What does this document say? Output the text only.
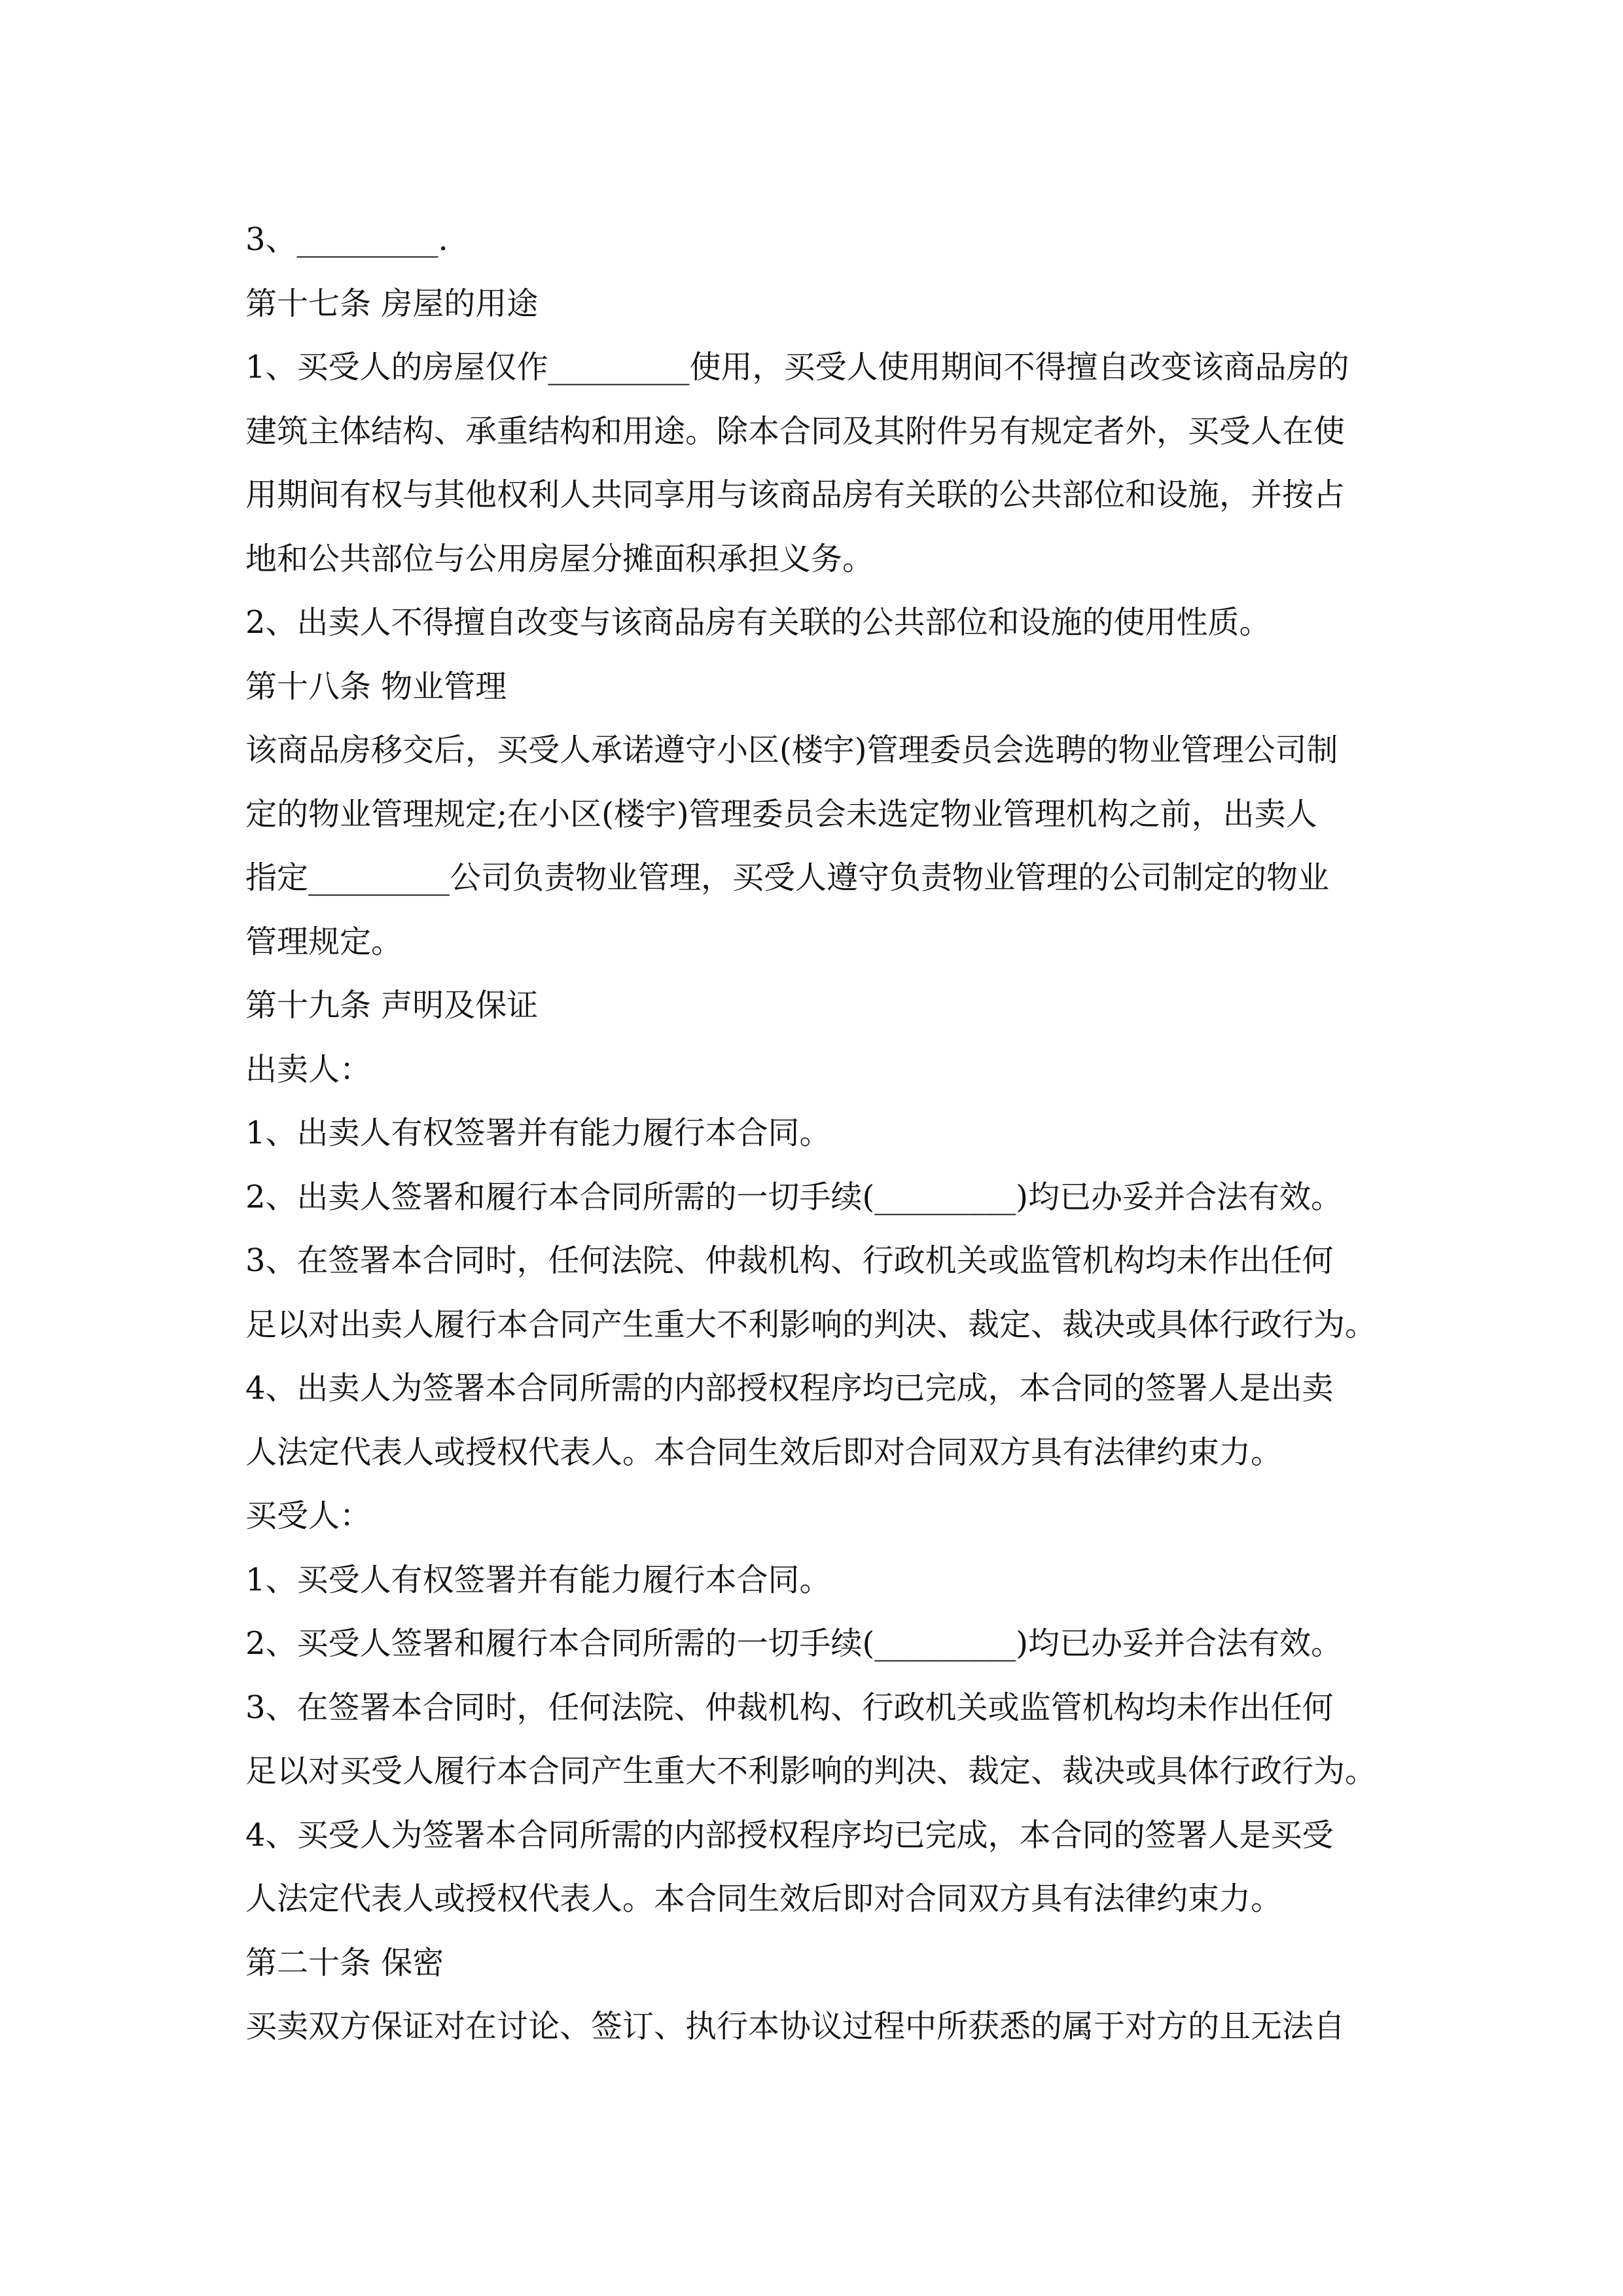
3、_________.
第十七条 房屋的用途
1、买受人的房屋仅作_________使用，买受人使用期间不得擅自改变该商品房的
建筑主体结构、承重结构和用途。除本合同及其附件另有规定者外，买受人在使
用期间有权与其他权利人共同享用与该商品房有关联的公共部位和设施，并按占
地和公共部位与公用房屋分摊面积承担义务。
2、出卖人不得擅自改变与该商品房有关联的公共部位和设施的使用性质。
第十八条 物业管理
该商品房移交后，买受人承诺遵守小区(楼宇)管理委员会选聘的物业管理公司制
定的物业管理规定;在小区(楼宇)管理委员会未选定物业管理机构之前，出卖人
指定_________公司负责物业管理，买受人遵守负责物业管理的公司制定的物业
管理规定。
第十九条 声明及保证
出卖人：
1、出卖人有权签署并有能力履行本合同。
2、出卖人签署和履行本合同所需的一切手续(_________)均已办妥并合法有效。
3、在签署本合同时，任何法院、仲裁机构、行政机关或监管机构均未作出任何
足以对出卖人履行本合同产生重大不利影响的判决、裁定、裁决或具体行政行为。
4、出卖人为签署本合同所需的内部授权程序均已完成，本合同的签署人是出卖
人法定代表人或授权代表人。本合同生效后即对合同双方具有法律约束力。
买受人：
1、买受人有权签署并有能力履行本合同。
2、买受人签署和履行本合同所需的一切手续(_________)均已办妥并合法有效。
3、在签署本合同时，任何法院、仲裁机构、行政机关或监管机构均未作出任何
足以对买受人履行本合同产生重大不利影响的判决、裁定、裁决或具体行政行为。
4、买受人为签署本合同所需的内部授权程序均已完成，本合同的签署人是买受
人法定代表人或授权代表人。本合同生效后即对合同双方具有法律约束力。
第二十条 保密
买卖双方保证对在讨论、签订、执行本协议过程中所获悉的属于对方的且无法自
